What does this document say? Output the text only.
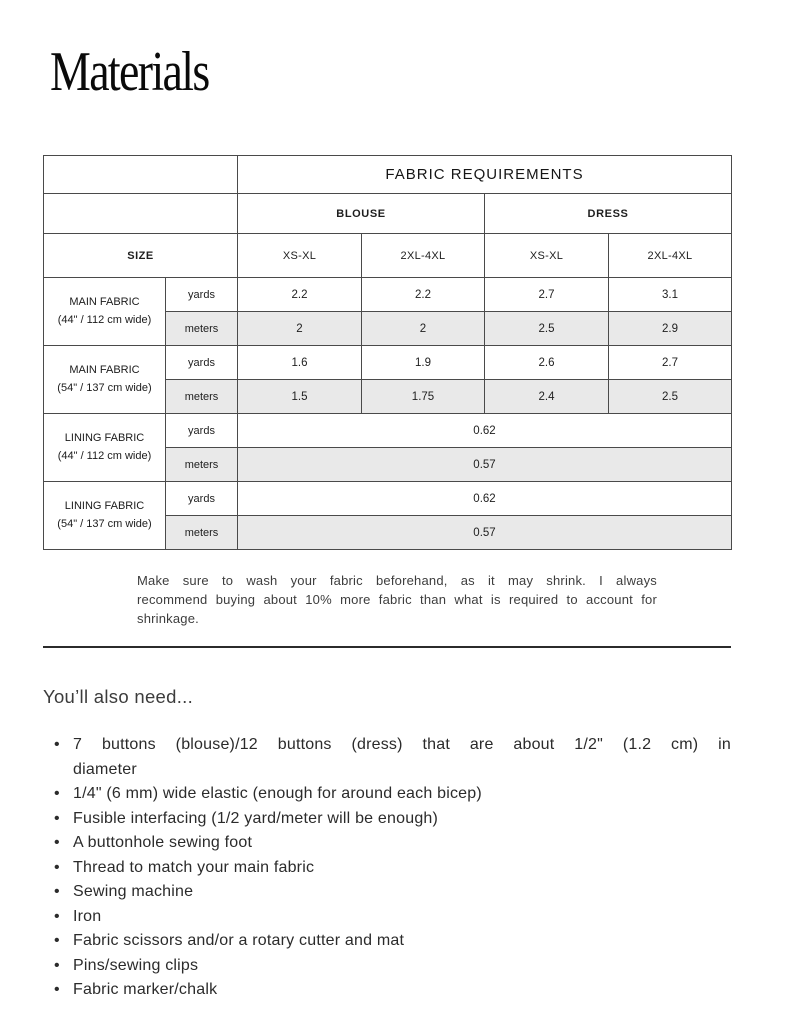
Materials
		FABRIC REQUIREMENTS			
		BLOUSE		DRESS	
SIZE		XS-XL	2XL-4XL	XS-XL	2XL-4XL

MAIN FABRIC
(44" / 112 cm wide)	yards	2.2	2.2	2.7	3.1
	meters	2	2	2.5	2.9

MAIN FABRIC
(54" / 137 cm wide)	yards	1.6	1.9	2.6	2.7
	meters	1.5	1.75	2.4	2.5

LINING FABRIC
(44" / 112 cm wide)	yards	0.62			
	meters	0.57			

LINING FABRIC
(54" / 137 cm wide)	yards	0.62			
	meters	0.57			
Make sure to wash your fabric beforehand, as it may shrink. I always recommend buying about 10% more fabric than what is required to account for shrinkage.
You’ll also need...
• 7 buttons (blouse)/12 buttons (dress) that are about 1/2" (1.2 cm) in diameter
• 1/4" (6 mm) wide elastic (enough for around each bicep)
• Fusible interfacing (1/2 yard/meter will be enough)
• A buttonhole sewing foot
• Thread to match your main fabric
• Sewing machine
• Iron
• Fabric scissors and/or a rotary cutter and mat
• Pins/sewing clips
• Fabric marker/chalk
